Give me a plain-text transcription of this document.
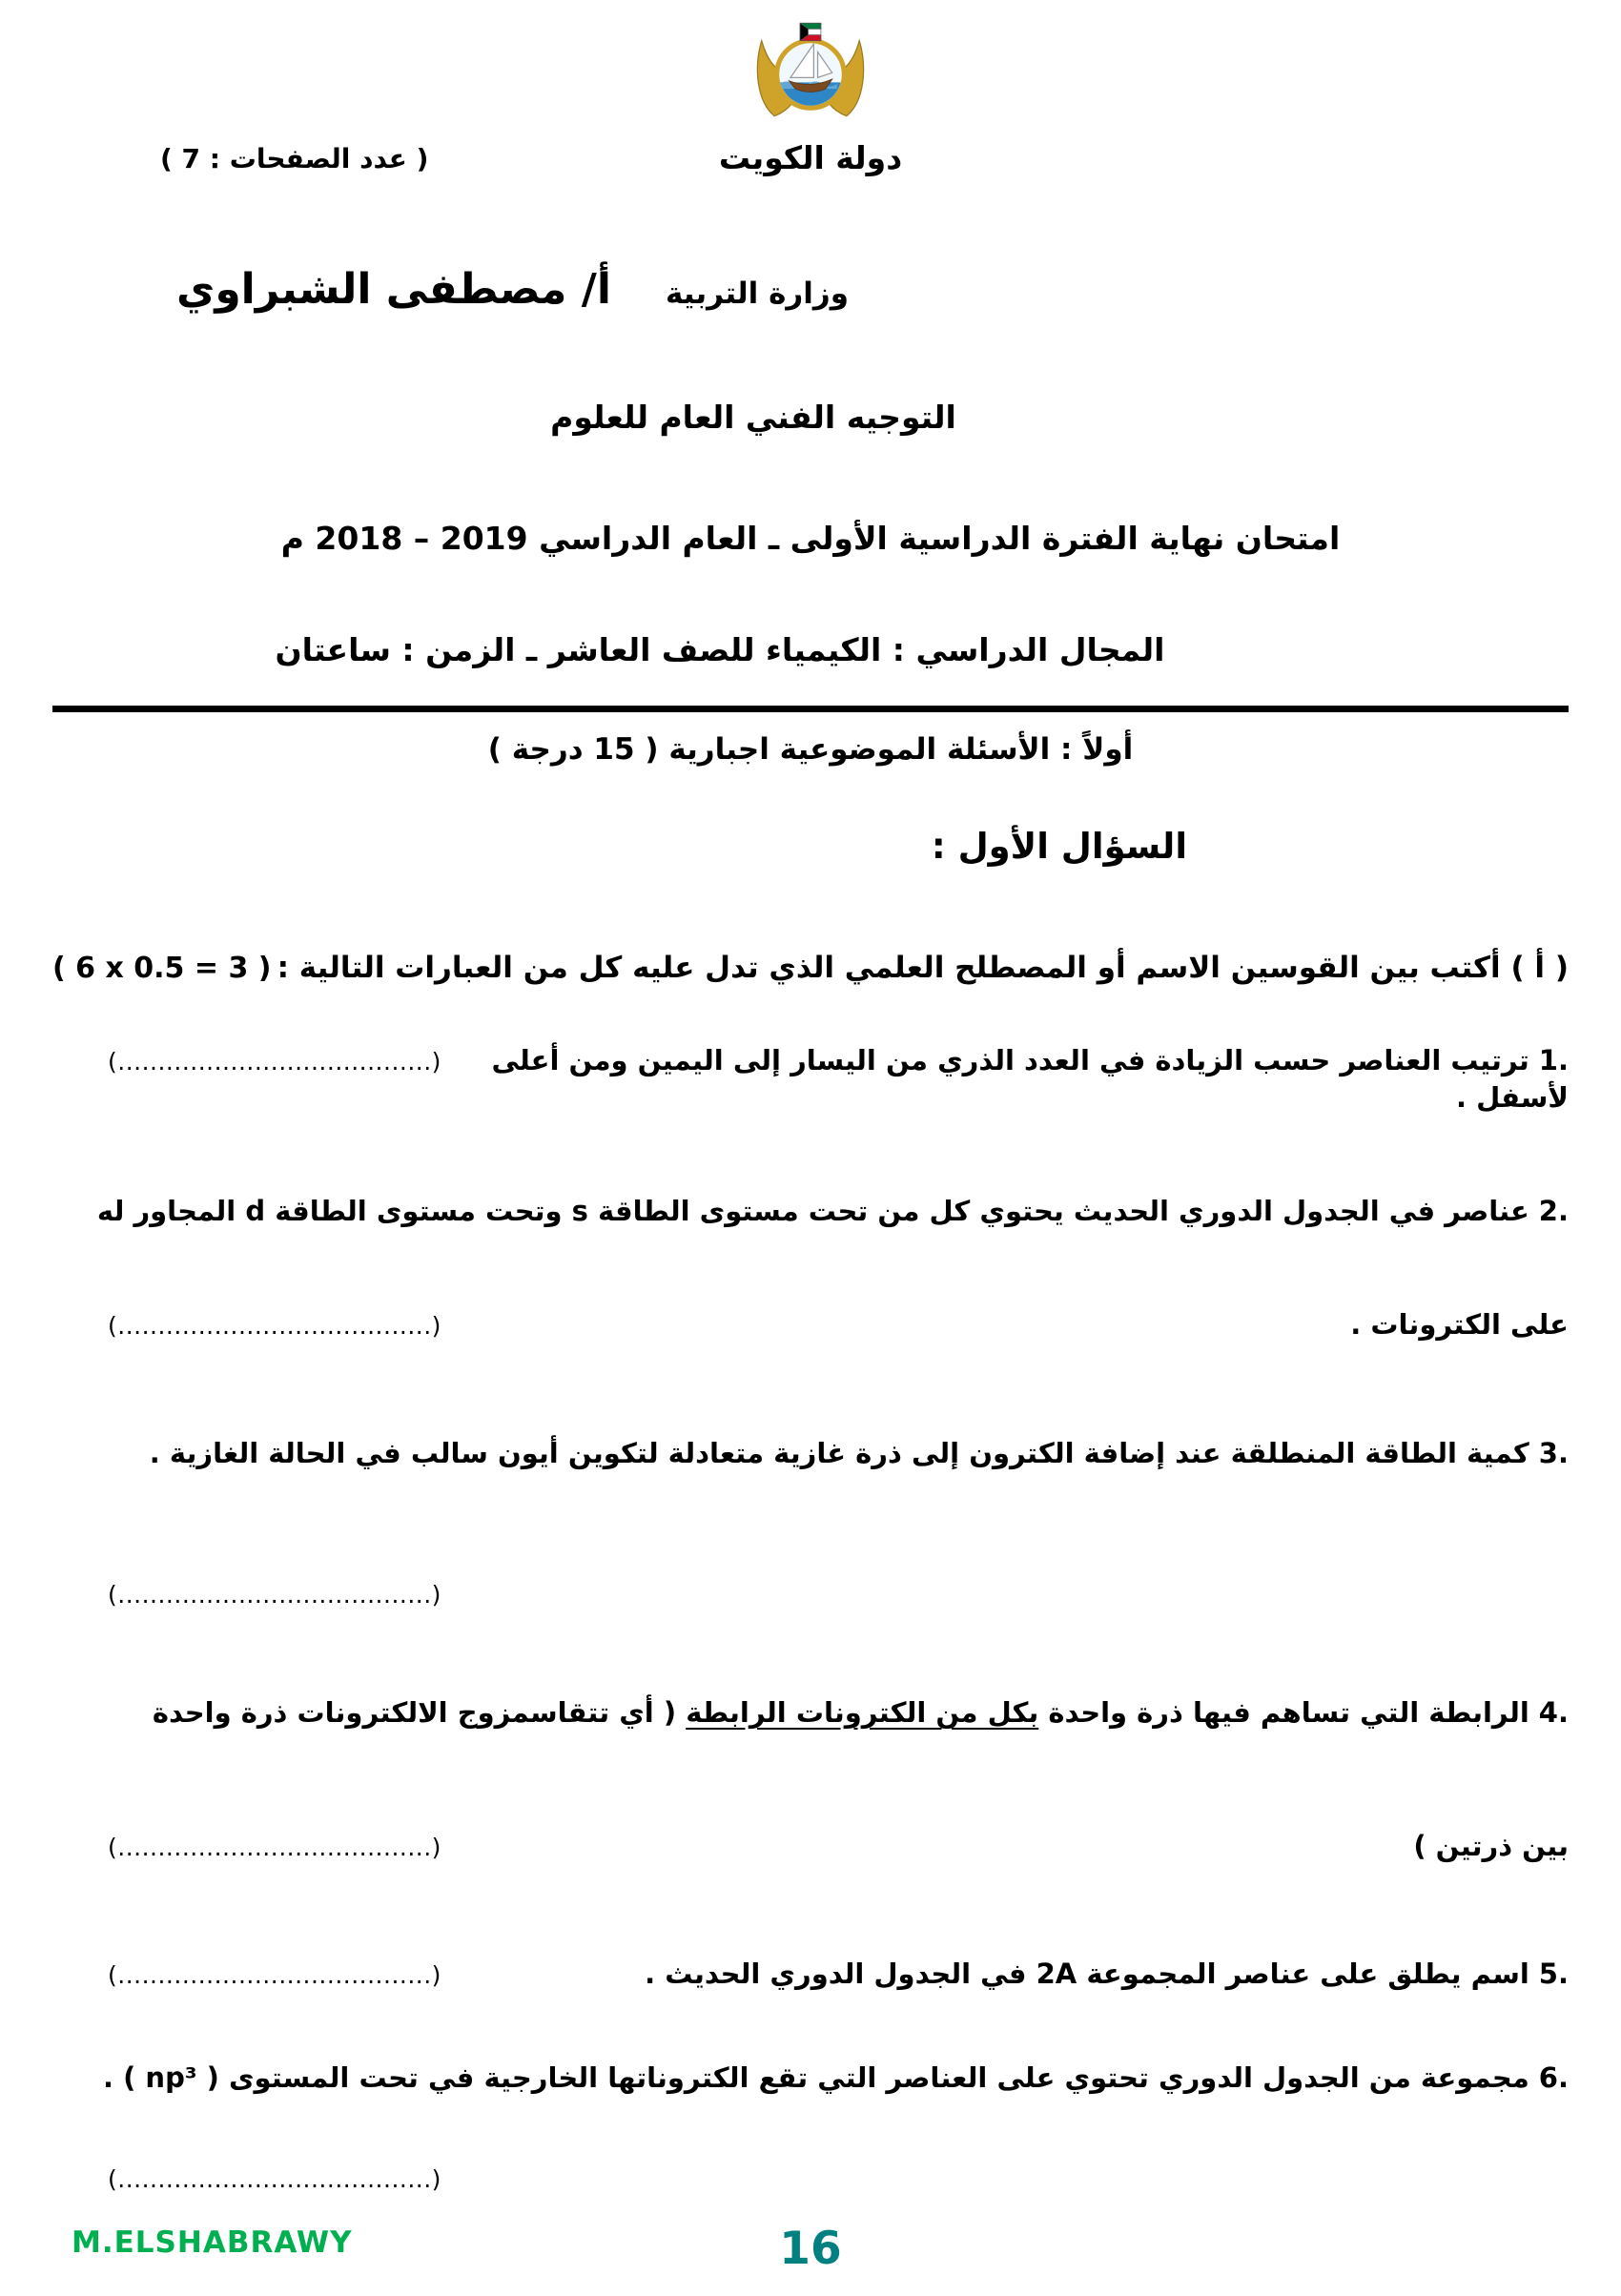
دولة الكويت
( عدد الصفحات : 7 )
وزارة التربية
أ/ مصطفى الشبراوي
التوجيه الفني العام للعلوم
امتحان نهاية الفترة الدراسية الأولى ـ العام الدراسي ‎2018 – 2019‎ م
المجال الدراسي : الكيمياء للصف العاشر ـ الزمن : ساعتان
أولاً : الأسئلة الموضوعية اجبارية ( 15 درجة )
السؤال الأول :
( أ ) أكتب بين القوسين الاسم أو المصطلح العلمي الذي تدل عليه كل من العبارات التالية :
( 6 x 0.5 = 3 )
1.ترتيب العناصر حسب الزيادة في العدد الذري من اليسار إلى اليمين ومن أعلى لأسفل .
(.......................................)
2.عناصر في الجدول الدوري الحديث يحتوي كل من تحت مستوى الطاقة s وتحت مستوى الطاقة d المجاور له
على الكترونات .
(.......................................)
3.كمية الطاقة المنطلقة عند إضافة الكترون إلى ذرة غازية متعادلة لتكوين أيون سالب في الحالة الغازية .
(.......................................)
4.الرابطة التي تساهم فيها ذرة واحدة بكل من الكترونات الرابطة ( أي تتقاسمزوج الالكترونات ذرة واحدة
بين ذرتين )
(.......................................)
5.اسم يطلق على عناصر المجموعة 2A في الجدول الدوري الحديث .
(.......................................)
6.مجموعة من الجدول الدوري تحتوي على العناصر التي تقع الكتروناتها الخارجية في تحت المستوى ( np³ ) .
(.......................................)
M.ELSHABRAWY	16
